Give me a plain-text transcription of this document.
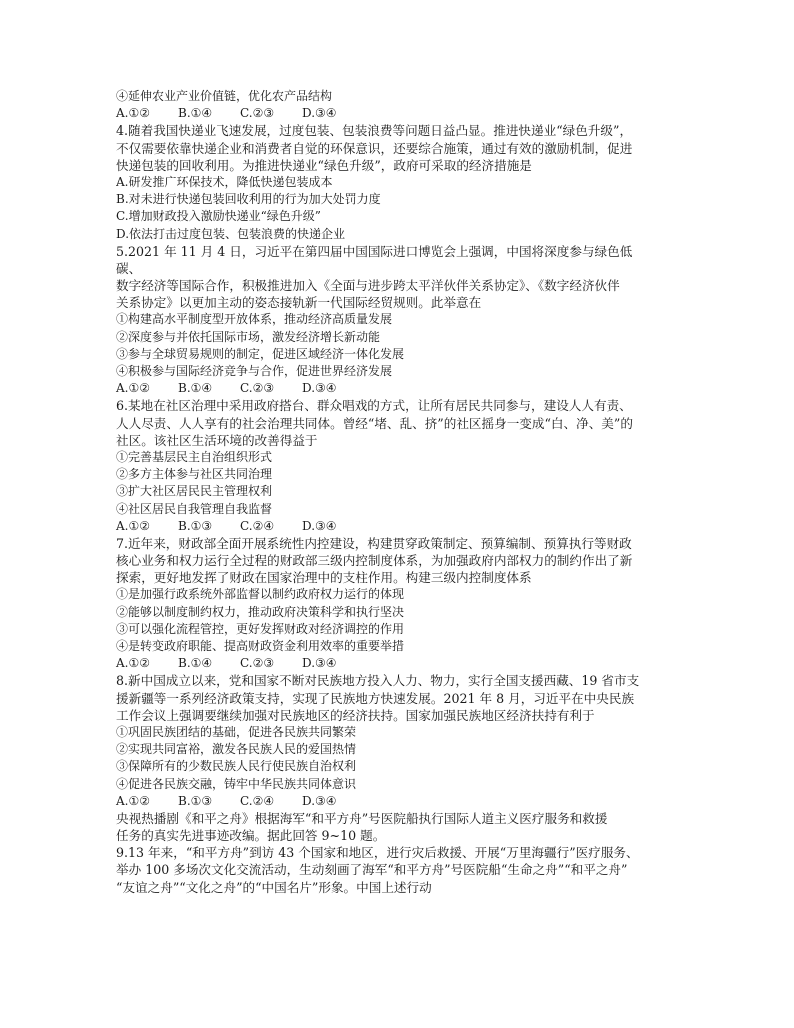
④延伸农业产业价值链，优化农产品结构
A.①②	B.①④	C.②③	D.③④
4.随着我国快递业飞速发展，过度包装、包装浪费等问题日益凸显。推进快递业“绿色升级”，
不仅需要依靠快递企业和消费者自觉的环保意识，还要综合施策，通过有效的激励机制，促进
快递包装的回收利用。为推进快递业“绿色升级”，政府可采取的经济措施是
A.研发推广环保技术，降低快递包装成本
B.对未进行快递包装回收利用的行为加大处罚力度
C.增加财政投入激励快递业“绿色升级”
D.依法打击过度包装、包装浪费的快递企业
5.2021 年 11 月 4 日，习近平在第四届中国国际进口博览会上强调，中国将深度参与绿色低
碳、
数字经济等国际合作，积极推进加入《全面与进步跨太平洋伙伴关系协定》、《数字经济伙伴
关系协定》以更加主动的姿态接轨新一代国际经贸规则。此举意在
①构建高水平制度型开放体系，推动经济高质量发展
②深度参与并依托国际市场，激发经济增长新动能
③参与全球贸易规则的制定，促进区域经济一体化发展
④积极参与国际经济竞争与合作，促进世界经济发展
A.①②	B.①④	C.②③	D.③④
6.某地在社区治理中采用政府搭台、群众唱戏的方式，让所有居民共同参与，建设人人有责、
人人尽责、人人享有的社会治理共同体。曾经“堵、乱、挤”的社区摇身一变成“白、净、美”的
社区。该社区生活环境的改善得益于
①完善基层民主自治组织形式
②多方主体参与社区共同治理
③扩大社区居民民主管理权利
④社区居民自我管理自我监督
A.①②	B.①③	C.②④	D.③④
7.近年来，财政部全面开展系统性内控建设，构建贯穿政策制定、预算编制、预算执行等财政
核心业务和权力运行全过程的财政部三级内控制度体系，为加强政府内部权力的制约作出了新
探索，更好地发挥了财政在国家治理中的支柱作用。构建三级内控制度体系
①是加强行政系统外部监督以制约政府权力运行的体现
②能够以制度制约权力，推动政府决策科学和执行坚决
③可以强化流程管控，更好发挥财政对经济调控的作用
④是转变政府职能、提高财政资金利用效率的重要举措
A.①②	B.①④	C.②③	D.③④
8.新中国成立以来，党和国家不断对民族地方投入人力、物力，实行全国支援西藏、19 省市支
援新疆等一系列经济政策支持，实现了民族地方快速发展。2021 年 8 月，习近平在中央民族
工作会议上强调要继续加强对民族地区的经济扶持。国家加强民族地区经济扶持有利于
①巩固民族团结的基础，促进各民族共同繁荣
②实现共同富裕，激发各民族人民的爱国热情
③保障所有的少数民族人民行使民族自治权利
④促进各民族交融，铸牢中华民族共同体意识
A.①②	B.①③	C.②④	D.③④
央视热播剧《和平之舟》根据海军“和平方舟”号医院船执行国际人道主义医疗服务和救援
任务的真实先进事迹改编。据此回答 9~10 题。
9.13 年来，“和平方舟”到访 43 个国家和地区，进行灾后救援、开展“万里海疆行”医疗服务、
举办 100 多场次文化交流活动，生动刻画了海军“和平方舟”号医院船“生命之舟”“和平之舟”
“友谊之舟”“文化之舟”的“中国名片”形象。中国上述行动
